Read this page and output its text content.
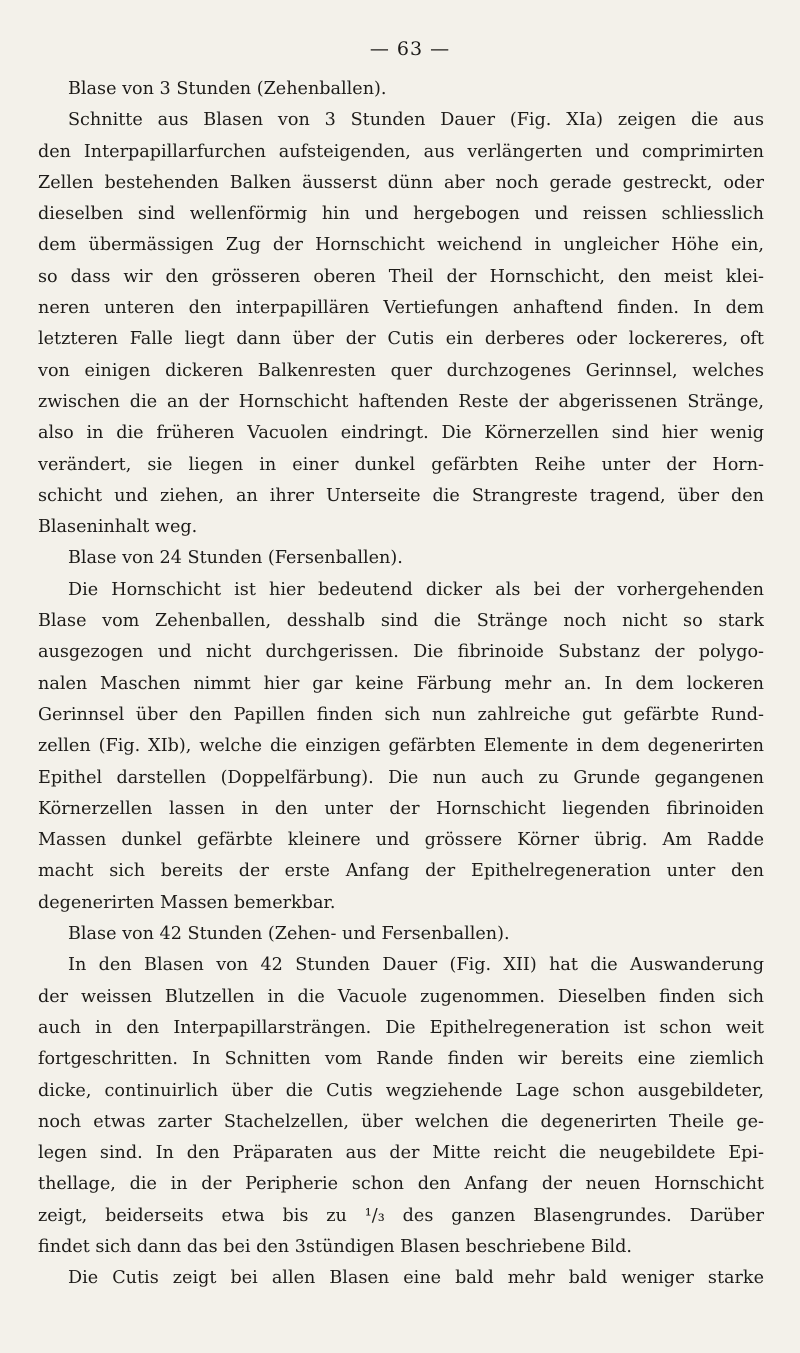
— 63 —
Blase von 3 Stunden (Zehenballen).
Schnitte aus Blasen von 3 Stunden Dauer (Fig. XIa) zeigen die aus
den Interpapillarfurchen aufsteigenden, aus verlängerten und comprimirten
Zellen bestehenden Balken äusserst dünn aber noch gerade gestreckt, oder
dieselben sind wellenförmig hin und hergebogen und reissen schliesslich
dem übermässigen Zug der Hornschicht weichend in ungleicher Höhe ein,
so dass wir den grösseren oberen Theil der Hornschicht, den meist klei-
neren unteren den interpapillären Vertiefungen anhaftend finden. In dem
letzteren Falle liegt dann über der Cutis ein derberes oder lockereres, oft
von einigen dickeren Balkenresten quer durchzogenes Gerinnsel, welches
zwischen die an der Hornschicht haftenden Reste der abgerissenen Stränge,
also in die früheren Vacuolen eindringt. Die Körnerzellen sind hier wenig
verändert, sie liegen in einer dunkel gefärbten Reihe unter der Horn-
schicht und ziehen, an ihrer Unterseite die Strangreste tragend, über den
Blaseninhalt weg.
Blase von 24 Stunden (Fersenballen).
Die Hornschicht ist hier bedeutend dicker als bei der vorhergehenden
Blase vom Zehenballen, desshalb sind die Stränge noch nicht so stark
ausgezogen und nicht durchgerissen. Die fibrinoide Substanz der polygo-
nalen Maschen nimmt hier gar keine Färbung mehr an. In dem lockeren
Gerinnsel über den Papillen finden sich nun zahlreiche gut gefärbte Rund-
zellen (Fig. XIb), welche die einzigen gefärbten Elemente in dem degenerirten
Epithel darstellen (Doppelfärbung). Die nun auch zu Grunde gegangenen
Körnerzellen lassen in den unter der Hornschicht liegenden fibrinoiden
Massen dunkel gefärbte kleinere und grössere Körner übrig. Am Radde
macht sich bereits der erste Anfang der Epithelregeneration unter den
degenerirten Massen bemerkbar.
Blase von 42 Stunden (Zehen- und Fersenballen).
In den Blasen von 42 Stunden Dauer (Fig. XII) hat die Auswanderung
der weissen Blutzellen in die Vacuole zugenommen. Dieselben finden sich
auch in den Interpapillarsträngen. Die Epithelregeneration ist schon weit
fortgeschritten. In Schnitten vom Rande finden wir bereits eine ziemlich
dicke, continuirlich über die Cutis wegziehende Lage schon ausgebildeter,
noch etwas zarter Stachelzellen, über welchen die degenerirten Theile ge-
legen sind. In den Präparaten aus der Mitte reicht die neugebildete Epi-
thellage, die in der Peripherie schon den Anfang der neuen Hornschicht
zeigt, beiderseits etwa bis zu ¹/₃ des ganzen Blasengrundes. Darüber
findet sich dann das bei den 3stündigen Blasen beschriebene Bild.
Die Cutis zeigt bei allen Blasen eine bald mehr bald weniger starke
